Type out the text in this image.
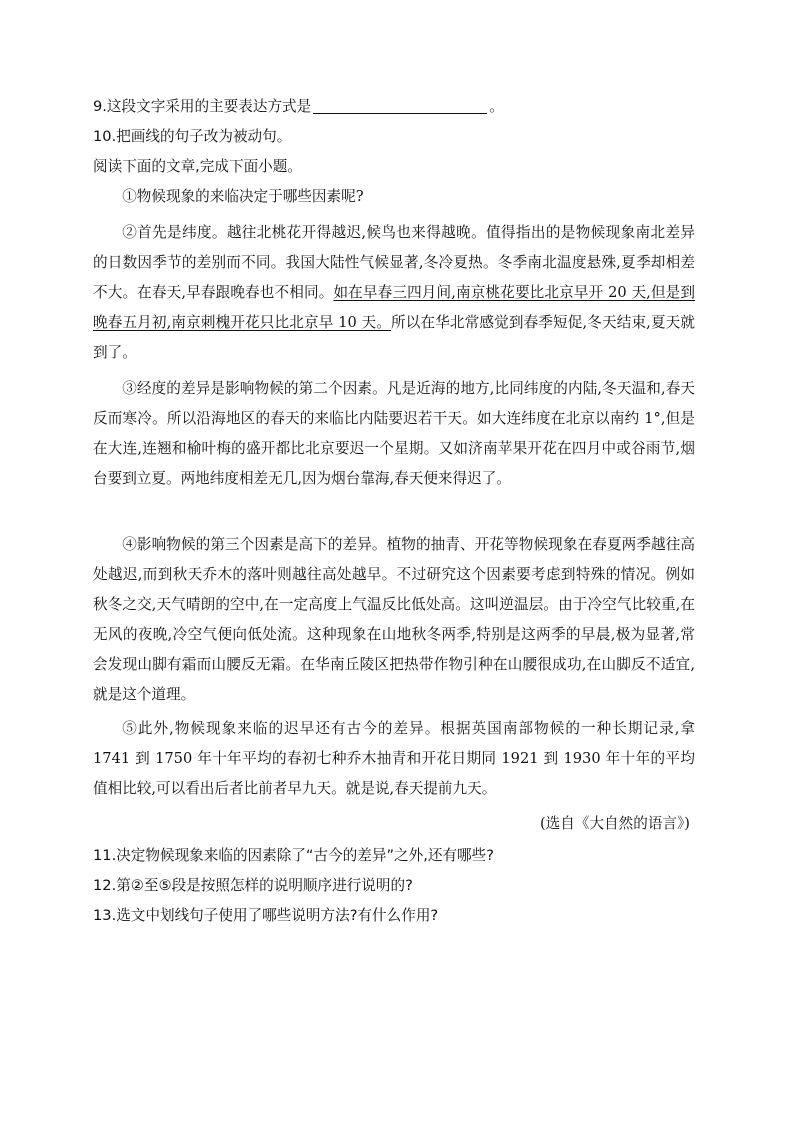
9.这段文字采用的主要表达方式是	。
10.把画线的句子改为被动句。
阅读下面的文章,完成下面小题。
①物候现象的来临决定于哪些因素呢?
②首先是纬度。越往北桃花开得越迟,候鸟也来得越晚。值得指出的是物候现象南北差异的日数因季节的差别而不同。我国大陆性气候显著,冬冷夏热。冬季南北温度悬殊,夏季却相差不大。在春天,早春跟晚春也不相同。如在早春三四月间,南京桃花要比北京早开 20 天,但是到晚春五月初,南京刺槐开花只比北京早 10 天。所以在华北常感觉到春季短促,冬天结束,夏天就到了。
③经度的差异是影响物候的第二个因素。凡是近海的地方,比同纬度的内陆,冬天温和,春天反而寒冷。所以沿海地区的春天的来临比内陆要迟若干天。如大连纬度在北京以南约 1°,但是在大连,连翘和榆叶梅的盛开都比北京要迟一个星期。又如济南苹果开花在四月中或谷雨节,烟台要到立夏。两地纬度相差无几,因为烟台靠海,春天便来得迟了。
④影响物候的第三个因素是高下的差异。植物的抽青、开花等物候现象在春夏两季越往高处越迟,而到秋天乔木的落叶则越往高处越早。不过研究这个因素要考虑到特殊的情况。例如秋冬之交,天气晴朗的空中,在一定高度上气温反比低处高。这叫逆温层。由于冷空气比较重,在无风的夜晚,冷空气便向低处流。这种现象在山地秋冬两季,特别是这两季的早晨,极为显著,常会发现山脚有霜而山腰反无霜。在华南丘陵区把热带作物引种在山腰很成功,在山脚反不适宜,就是这个道理。
⑤此外,物候现象来临的迟早还有古今的差异。根据英国南部物候的一种长期记录,拿 1741 到 1750 年十年平均的春初七种乔木抽青和开花日期同 1921 到 1930 年十年的平均值相比较,可以看出后者比前者早九天。就是说,春天提前九天。
(选自《大自然的语言》)
11.决定物候现象来临的因素除了“古今的差异”之外,还有哪些?
12.第②至⑤段是按照怎样的说明顺序进行说明的?
13.选文中划线句子使用了哪些说明方法?有什么作用?
